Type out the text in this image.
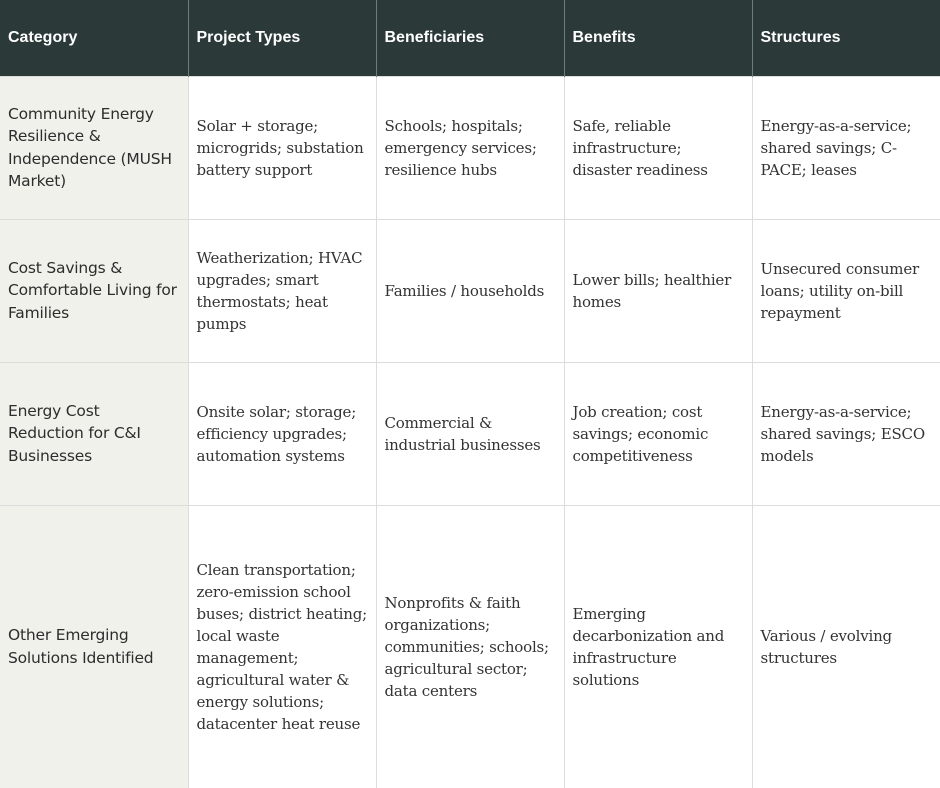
Category	Project Types	Beneficiaries	Benefits	Structures
Community Energy Resilience & Independence (MUSH Market)	Solar + storage; microgrids; substation battery support	Schools; hospitals; emergency services; resilience hubs	Safe, reliable infrastructure; disaster readiness	Energy-as-a-service; shared savings; C-PACE; leases
Cost Savings & Comfortable Living for Families	Weatherization; HVAC upgrades; smart thermostats; heat pumps	Families / households	Lower bills; healthier homes	Unsecured consumer loans; utility on-bill repayment
Energy Cost Reduction for C&I Businesses	Onsite solar; storage; efficiency upgrades; automation systems	Commercial & industrial businesses	Job creation; cost savings; economic competitiveness	Energy-as-a-service; shared savings; ESCO models
Other Emerging Solutions Identified	Clean transportation; zero-emission school buses; district heating; local waste management; agricultural water & energy solutions; datacenter heat reuse	Nonprofits & faith organizations; communities; schools; agricultural sector; data centers	Emerging decarbonization and infrastructure solutions	Various / evolving structures
